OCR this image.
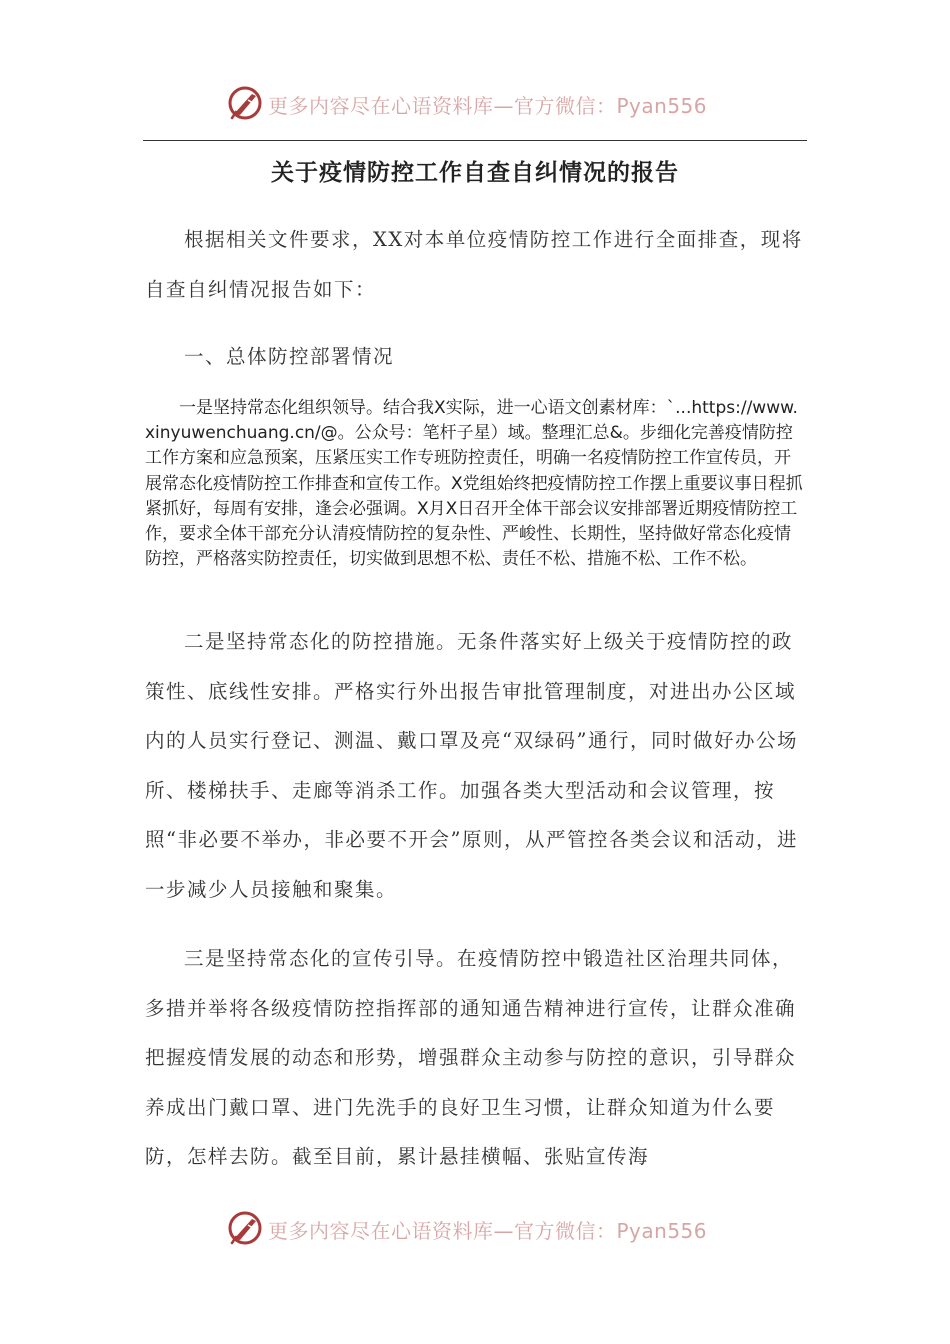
更多内容尽在心语资料库—官方微信：Pyan556
关于疫情防控工作自查自纠情况的报告

根据相关文件要求，XX对本单位疫情防控工作进行全面排查，现将自查自纠情况报告如下：

一、总体防控部署情况

一是坚持常态化组织领导。结合我X实际，进一心语文创素材库：`...https://www.xinyuwenchuang.cn/@。公众号：笔杆子星）域。整理汇总&。步细化完善疫情防控工作方案和应急预案，压紧压实工作专班防控责任，明确一名疫情防控工作宣传员，开展常态化疫情防控工作排查和宣传工作。X党组始终把疫情防控工作摆上重要议事日程抓紧抓好，每周有安排，逢会必强调。X月X日召开全体干部会议安排部署近期疫情防控工作，要求全体干部充分认清疫情防控的复杂性、严峻性、长期性，坚持做好常态化疫情防控，严格落实防控责任，切实做到思想不松、责任不松、措施不松、工作不松。

二是坚持常态化的防控措施。无条件落实好上级关于疫情防控的政策性、底线性安排。严格实行外出报告审批管理制度，对进出办公区域内的人员实行登记、测温、戴口罩及亮“双绿码”通行，同时做好办公场所、楼梯扶手、走廊等消杀工作。加强各类大型活动和会议管理，按照“非必要不举办，非必要不开会”原则，从严管控各类会议和活动，进一步减少人员接触和聚集。

三是坚持常态化的宣传引导。在疫情防控中锻造社区治理共同体，多措并举将各级疫情防控指挥部的通知通告精神进行宣传，让群众准确把握疫情发展的动态和形势，增强群众主动参与防控的意识，引导群众养成出门戴口罩、进门先洗手的良好卫生习惯，让群众知道为什么要防，怎样去防。截至目前，累计悬挂横幅、张贴宣传海

更多内容尽在心语资料库—官方微信：Pyan556
